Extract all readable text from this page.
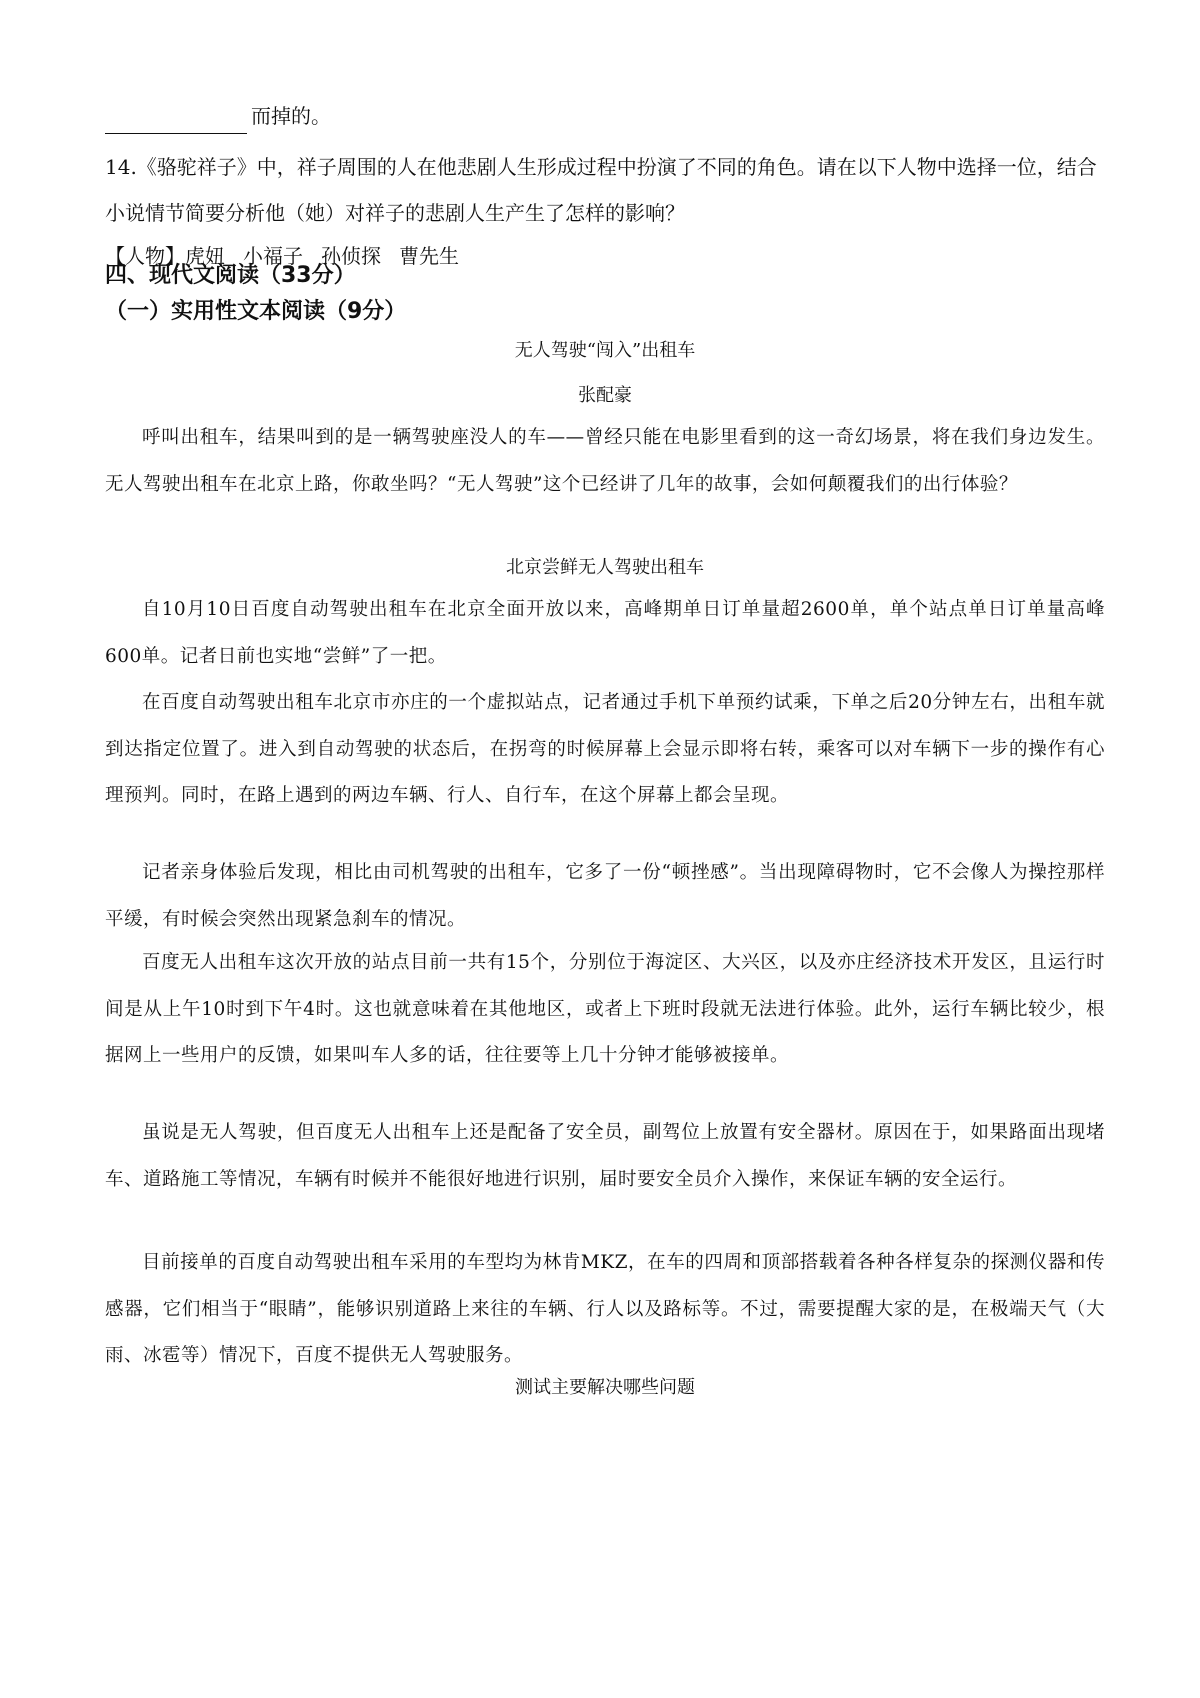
而掉的。
14.《骆驼祥子》中，祥子周围的人在他悲剧人生形成过程中扮演了不同的角色。请在以下人物中选择一位，结合小说情节简要分析他（她）对祥子的悲剧人生产生了怎样的影响？
【人物】虎妞 小福子 孙侦探 曹先生
四、现代文阅读（33分）
（一）实用性文本阅读（9分）
无人驾驶“闯入”出租车
张配豪
呼叫出租车，结果叫到的是一辆驾驶座没人的车——曾经只能在电影里看到的这一奇幻场景，将在我们身边发生。无人驾驶出租车在北京上路，你敢坐吗？“无人驾驶”这个已经讲了几年的故事，会如何颠覆我们的出行体验？
北京尝鲜无人驾驶出租车
自10月10日百度自动驾驶出租车在北京全面开放以来，高峰期单日订单量超2600单，单个站点单日订单量高峰600单。记者日前也实地“尝鲜”了一把。
在百度自动驾驶出租车北京市亦庄的一个虚拟站点，记者通过手机下单预约试乘，下单之后20分钟左右，出租车就到达指定位置了。进入到自动驾驶的状态后，在拐弯的时候屏幕上会显示即将右转，乘客可以对车辆下一步的操作有心理预判。同时，在路上遇到的两边车辆、行人、自行车，在这个屏幕上都会呈现。
记者亲身体验后发现，相比由司机驾驶的出租车，它多了一份“顿挫感”。当出现障碍物时，它不会像人为操控那样平缓，有时候会突然出现紧急刹车的情况。
百度无人出租车这次开放的站点目前一共有15个，分别位于海淀区、大兴区，以及亦庄经济技术开发区，且运行时间是从上午10时到下午4时。这也就意味着在其他地区，或者上下班时段就无法进行体验。此外，运行车辆比较少，根据网上一些用户的反馈，如果叫车人多的话，往往要等上几十分钟才能够被接单。
虽说是无人驾驶，但百度无人出租车上还是配备了安全员，副驾位上放置有安全器材。原因在于，如果路面出现堵车、道路施工等情况，车辆有时候并不能很好地进行识别，届时要安全员介入操作，来保证车辆的安全运行。
目前接单的百度自动驾驶出租车采用的车型均为林肯MKZ，在车的四周和顶部搭载着各种各样复杂的探测仪器和传感器，它们相当于“眼睛”，能够识别道路上来往的车辆、行人以及路标等。不过，需要提醒大家的是，在极端天气（大雨、冰雹等）情况下，百度不提供无人驾驶服务。
测试主要解决哪些问题
